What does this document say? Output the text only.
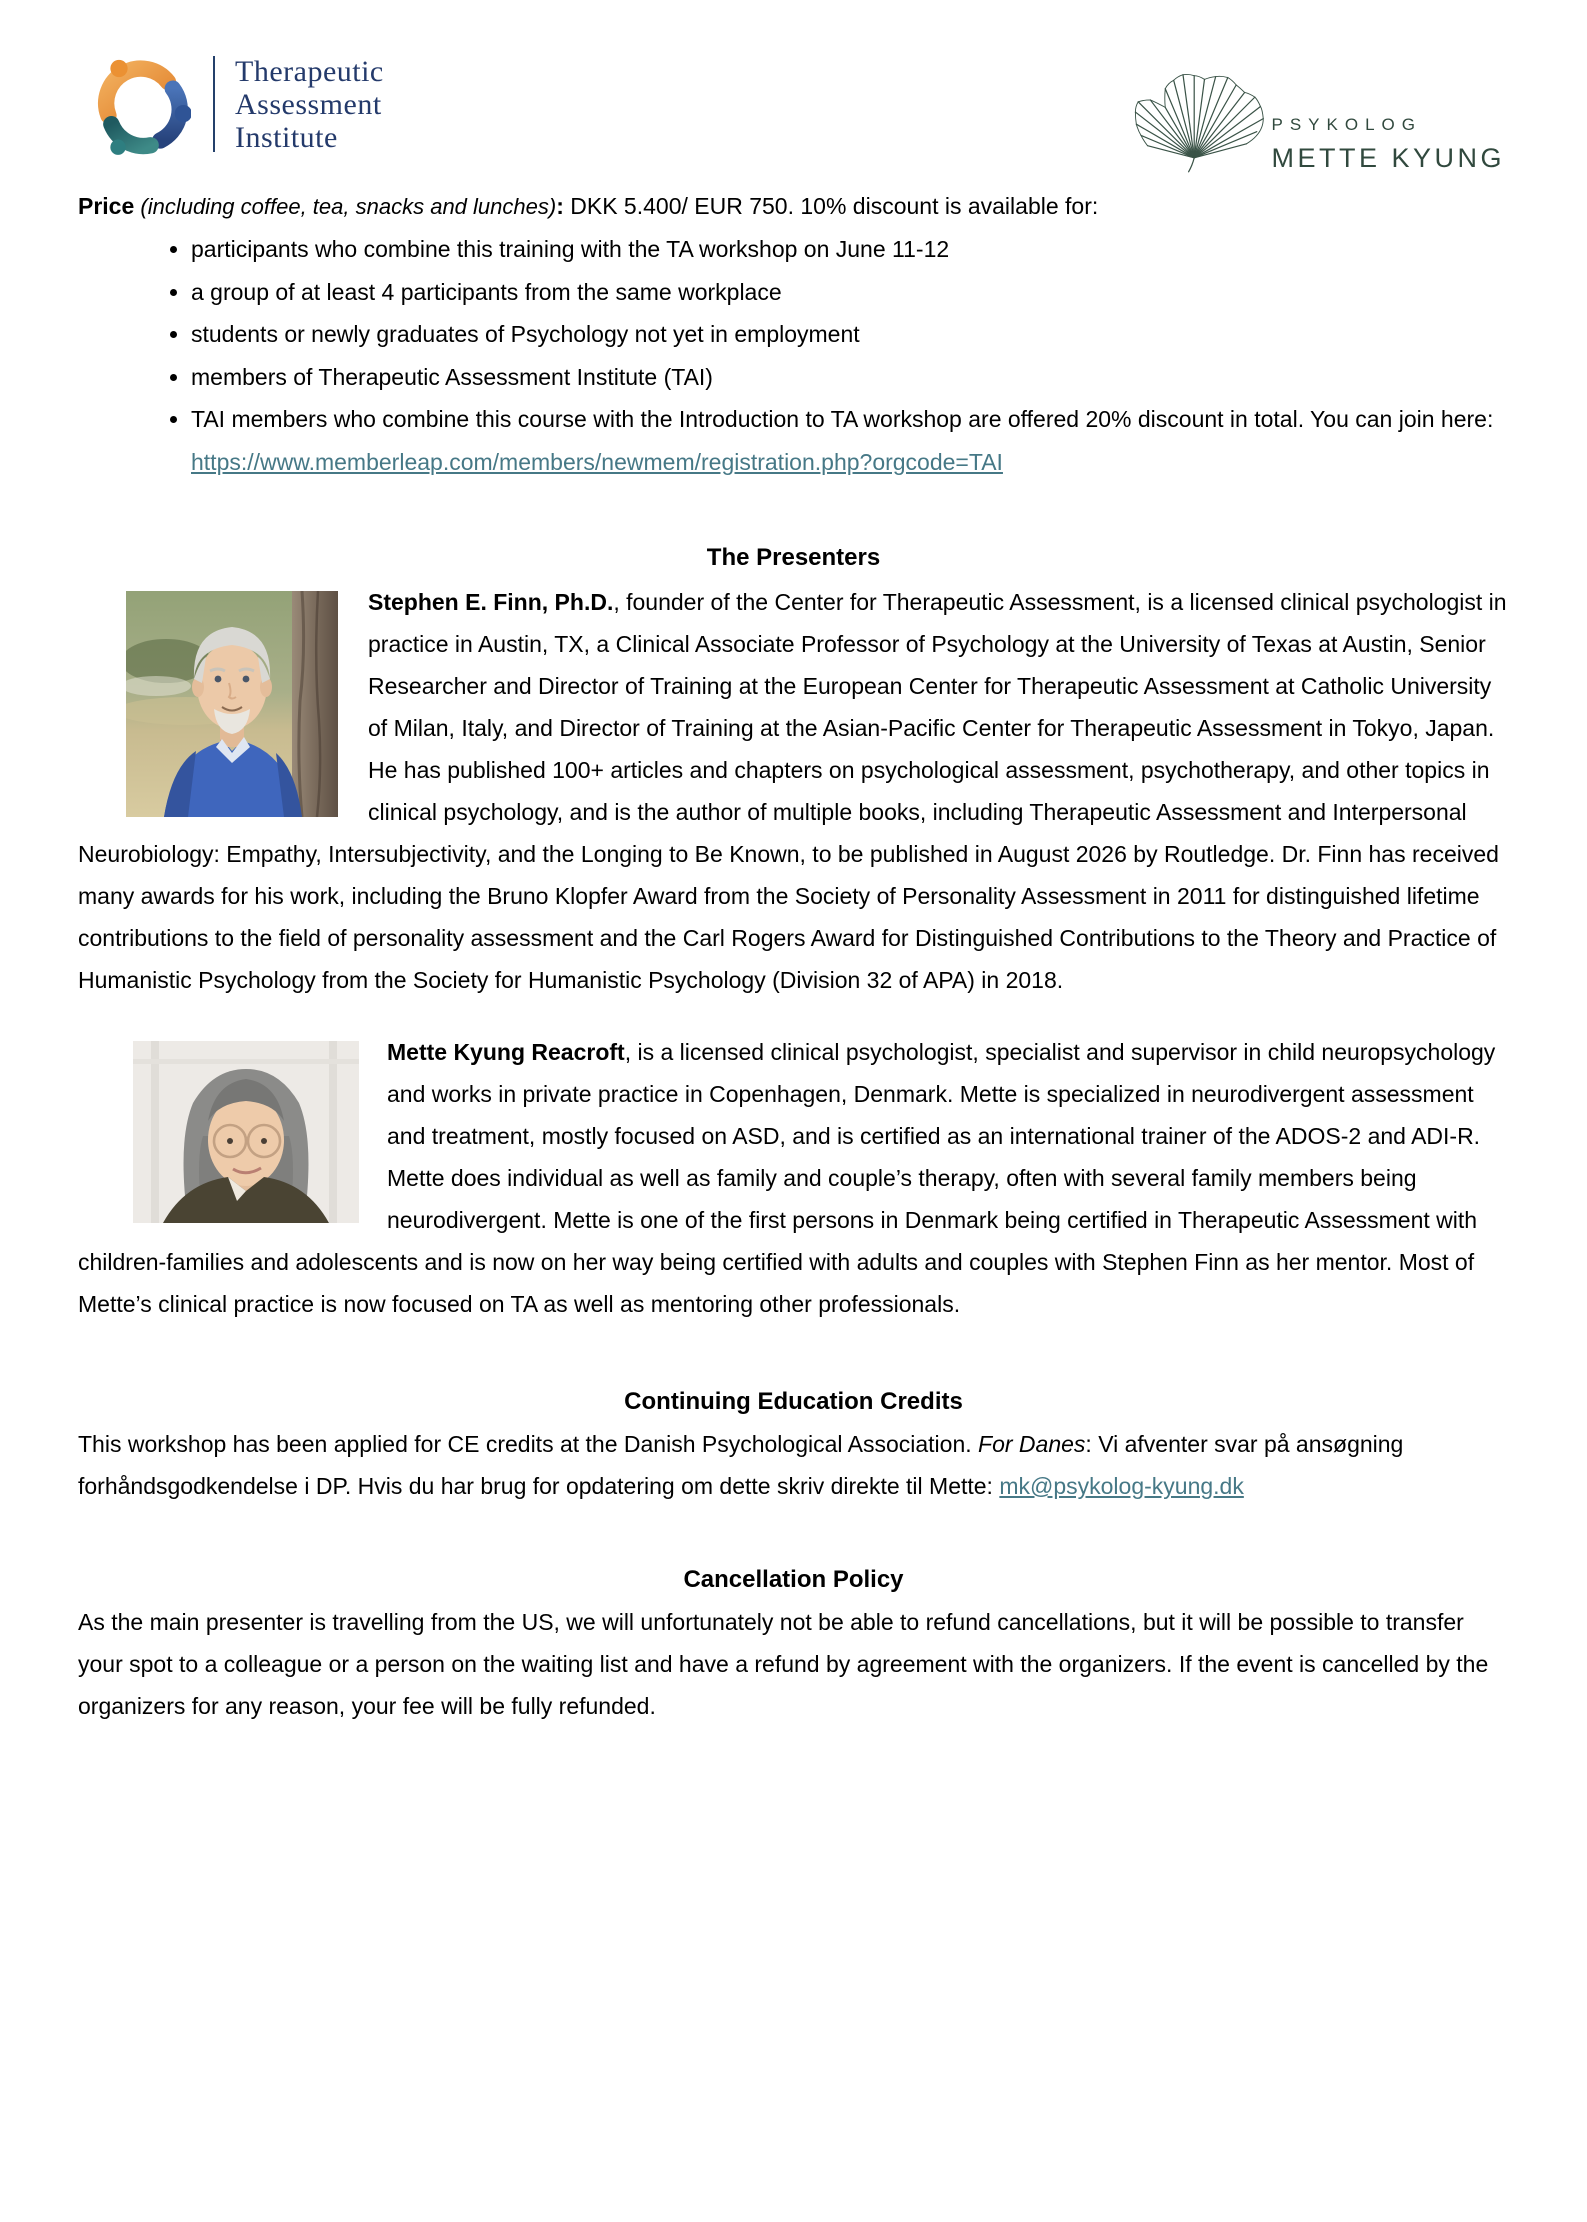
Therapeutic
Assessment
Institute	PSYKOLOG
METTE KYUNG

Price (including coffee, tea, snacks and lunches): DKK 5.400/ EUR 750. 10% discount is available for:

• participants who combine this training with the TA workshop on June 11-12
• a group of at least 4 participants from the same workplace
• students or newly graduates of Psychology not yet in employment
• members of Therapeutic Assessment Institute (TAI)
• TAI members who combine this course with the Introduction to TA workshop are offered 20% discount in total. You can join here: https://www.memberleap.com/members/newmem/registration.php?orgcode=TAI
The Presenters

Stephen E. Finn, Ph.D., founder of the Center for Therapeutic Assessment, is a licensed clinical psychologist in practice in Austin, TX, a Clinical Associate Professor of Psychology at the University of Texas at Austin, Senior Researcher and Director of Training at the European Center for Therapeutic Assessment at Catholic University of Milan, Italy, and Director of Training at the Asian-Pacific Center for Therapeutic Assessment in Tokyo, Japan. He has published 100+ articles and chapters on psychological assessment, psychotherapy, and other topics in clinical psychology, and is the author of multiple books, including Therapeutic Assessment and Interpersonal Neurobiology: Empathy, Intersubjectivity, and the Longing to Be Known, to be published in August 2026 by Routledge. Dr. Finn has received many awards for his work, including the Bruno Klopfer Award from the Society of Personality Assessment in 2011 for distinguished lifetime contributions to the field of personality assessment and the Carl Rogers Award for Distinguished Contributions to the Theory and Practice of Humanistic Psychology from the Society for Humanistic Psychology (Division 32 of APA) in 2018.

Mette Kyung Reacroft, is a licensed clinical psychologist, specialist and supervisor in child neuropsychology and works in private practice in Copenhagen, Denmark. Mette is specialized in neurodivergent assessment and treatment, mostly focused on ASD, and is certified as an international trainer of the ADOS-2 and ADI-R. Mette does individual as well as family and couple’s therapy, often with several family members being neurodivergent. Mette is one of the first persons in Denmark being certified in Therapeutic Assessment with children-families and adolescents and is now on her way being certified with adults and couples with Stephen Finn as her mentor. Most of Mette’s clinical practice is now focused on TA as well as mentoring other professionals.

Continuing Education Credits

This workshop has been applied for CE credits at the Danish Psychological Association. For Danes: Vi afventer svar på ansøgning forhåndsgodkendelse i DP. Hvis du har brug for opdatering om dette skriv direkte til Mette: mk@psykolog-kyung.dk

Cancellation Policy

As the main presenter is travelling from the US, we will unfortunately not be able to refund cancellations, but it will be possible to transfer your spot to a colleague or a person on the waiting list and have a refund by agreement with the organizers. If the event is cancelled by the organizers for any reason, your fee will be fully refunded.
